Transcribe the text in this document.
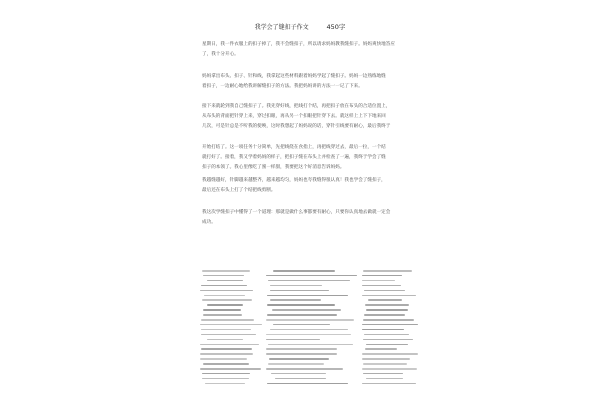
我学会了缝扣子作文	450字
星期日，我一件衣服上的扣子掉了，我不会缝扣子，所以请求妈妈教我缝扣子。妈妈爽快地答应
了，我十分开心。
妈妈拿出布头、扣子、针和线，我拿起这些材料跟着妈妈学起了缝扣子。妈妈一边熟练地缝
着扣子，一边耐心地给我讲解缝扣子的方法。我把妈妈讲的方法一一记了下来。
接下来就轮到我自己缝扣子了。我先穿好线，把线打个结，再把扣子放在布头的合适位置上，
从布头的背面把针穿上来，穿过扣眼，再从另一个扣眼把针穿下去。就这样上上下下地来回
几次，可是针总是不听我的使唤，这时我想起了妈妈说的话，穿针引线要有耐心，最后我终于
开始打结了。这一项任务十分简单，先把线绕在食指上，再把线穿过去，最后一拉，一个结
就打好了。接着，我又学着妈妈的样子，把扣子缝在布头上并检查了一遍，我终于学会了缝
扣子的本领了。我心里像吃了蜜一样甜，我要把这个好消息告诉妈妈。
我越缝越好，针脚越来越整齐，越来越均匀，妈妈也夸我缝得很认真！我也学会了缝扣子，
最后还在布头上打了个结把线剪断。
我这次学缝扣子中懂得了一个道理：那就是做什么事都要有耐心，只要你认真地去做就一定会
成功。
